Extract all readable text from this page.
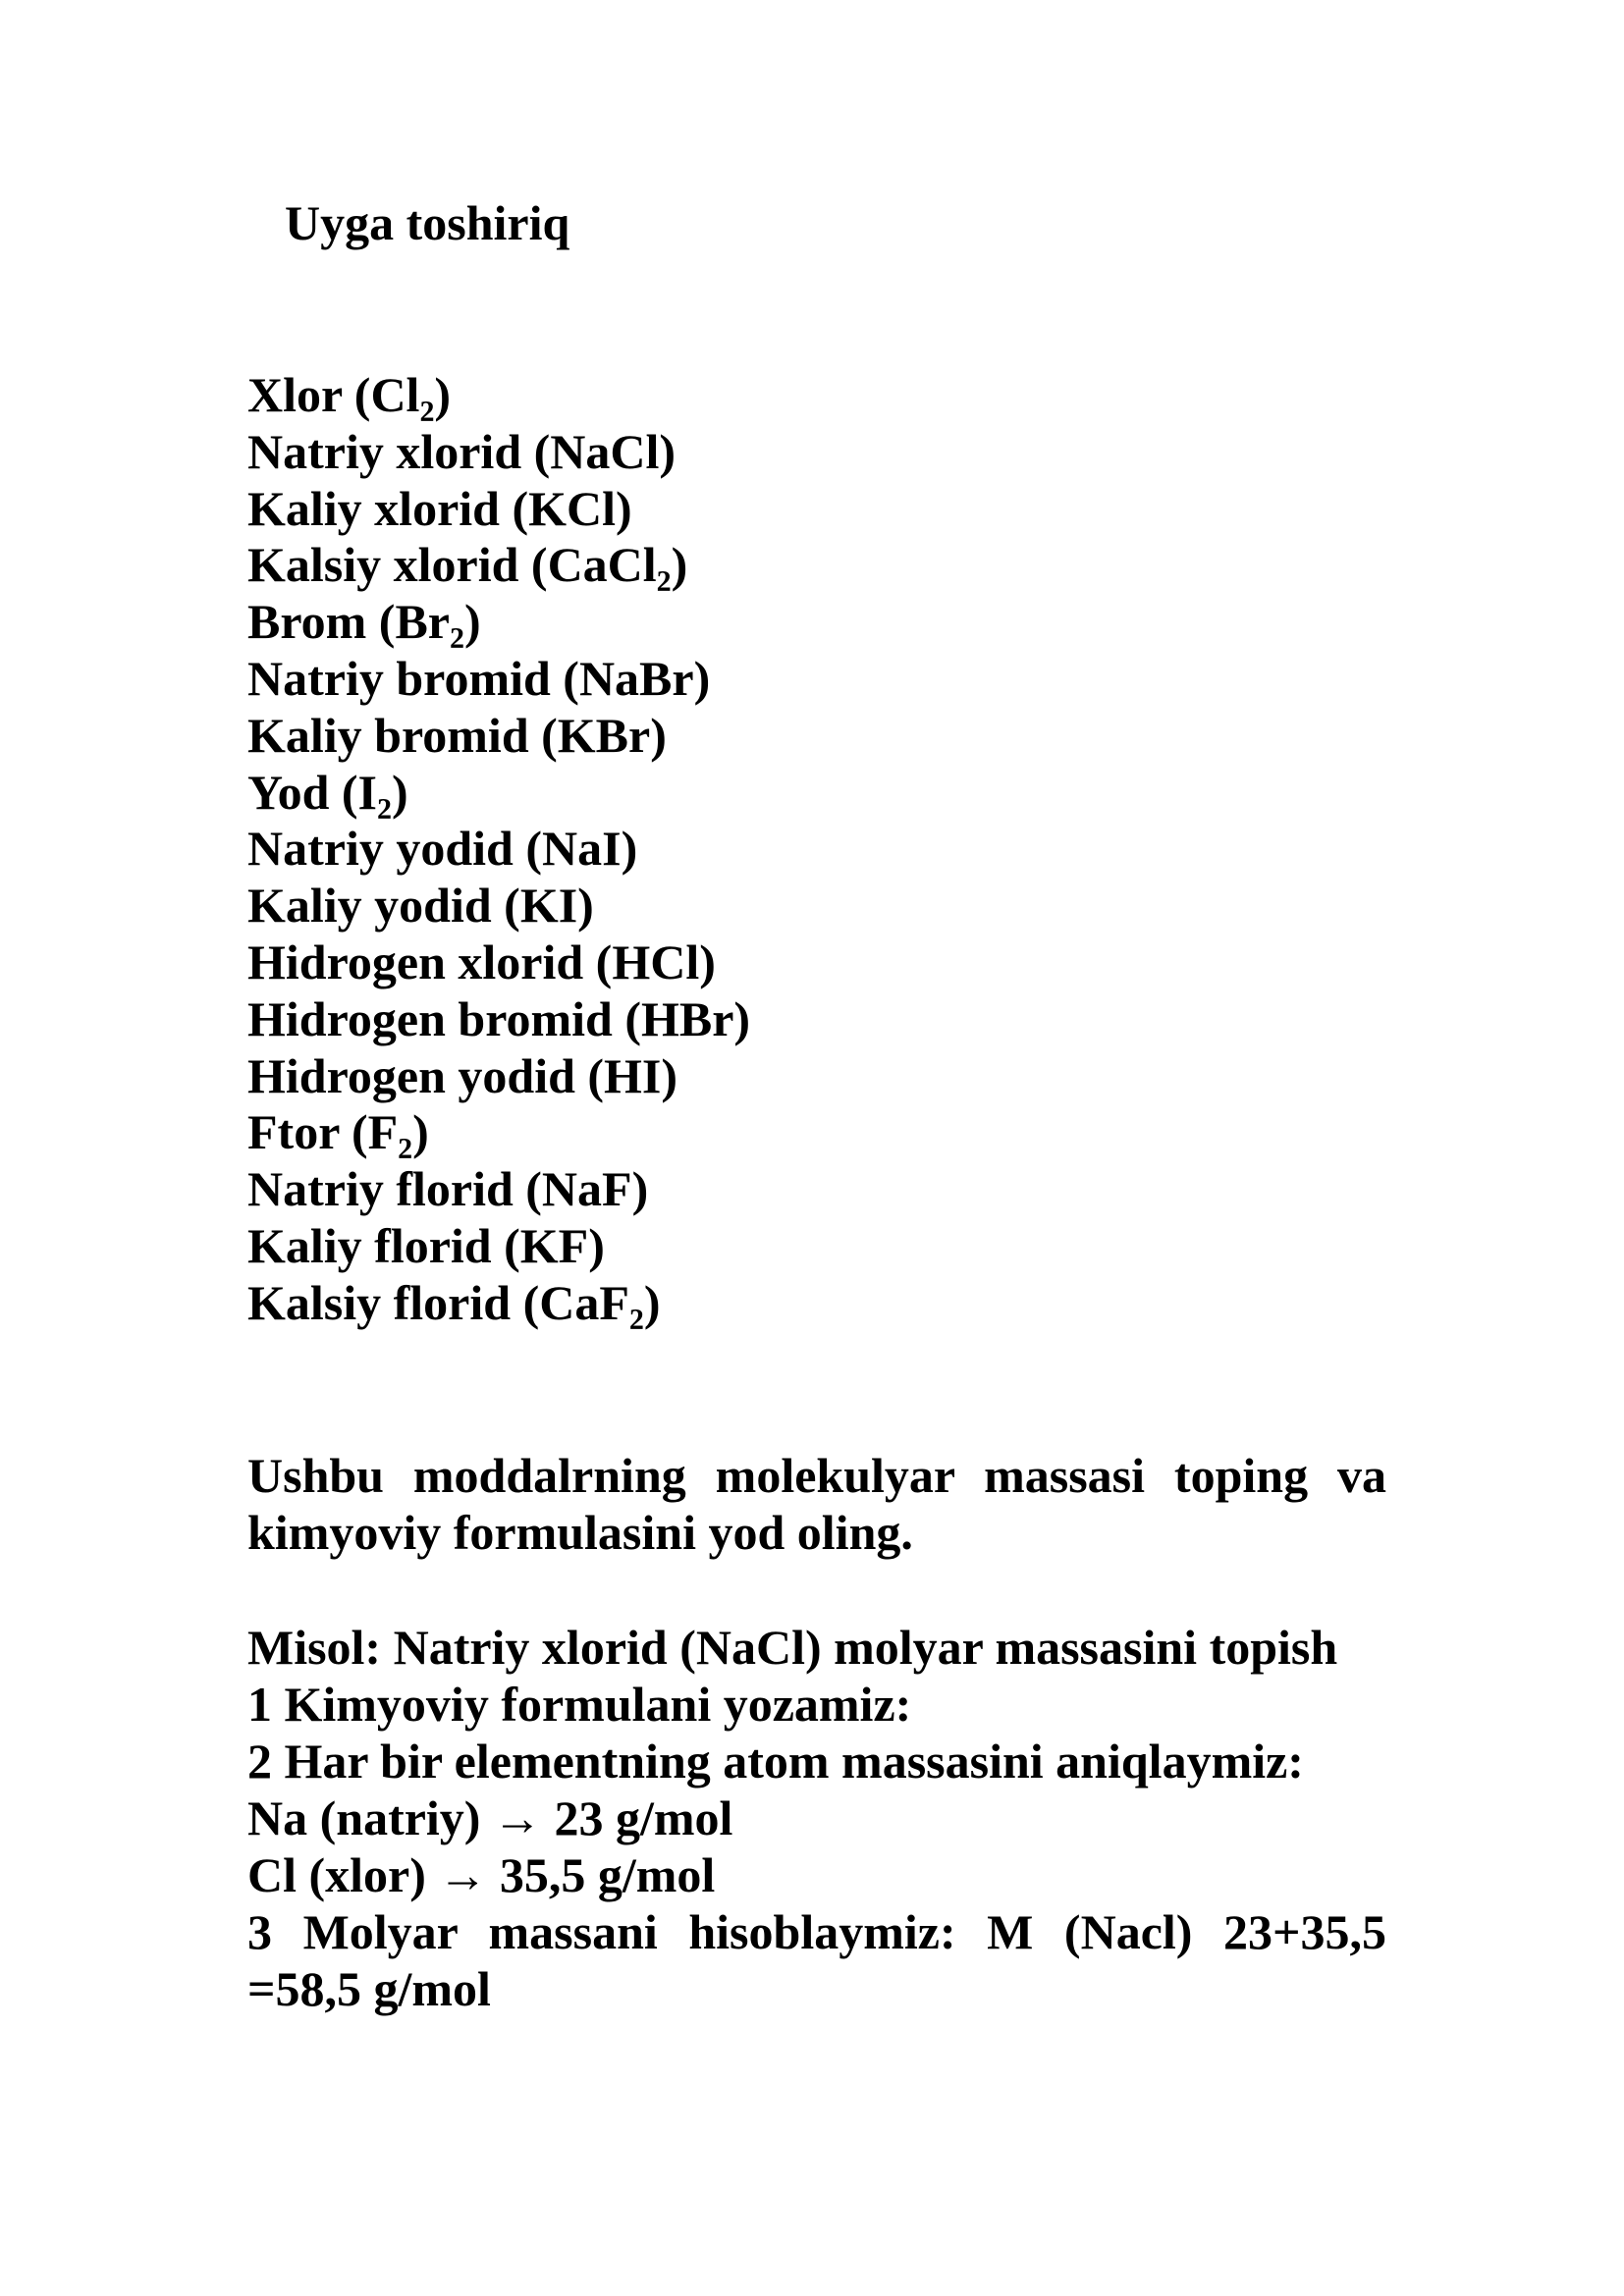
Uyga toshiriq
Xlor (Cl₂)
Natriy xlorid (NaCl)
Kaliy xlorid (KCl)
Kalsiy xlorid (CaCl₂)
Brom (Br₂)
Natriy bromid (NaBr)
Kaliy bromid (KBr)
Yod (I₂)
Natriy yodid (NaI)
Kaliy yodid (KI)
Hidrogen xlorid (HCl)
Hidrogen bromid (HBr)
Hidrogen yodid (HI)
Ftor (F₂)
Natriy florid (NaF)
Kaliy florid (KF)
Kalsiy florid (CaF₂)

Ushbu moddalrning molekulyar massasi toping va kimyoviy formulasini yod oling.

Misol: Natriy xlorid (NaCl) molyar massasini topish
1 Kimyoviy formulani yozamiz:
2 Har bir elementning atom massasini aniqlaymiz:
Na (natriy) → 23 g/mol
Cl (xlor) → 35,5 g/mol
3 Molyar massani hisoblaymiz: M (Nacl) 23+35,5 =58,5 g/mol
